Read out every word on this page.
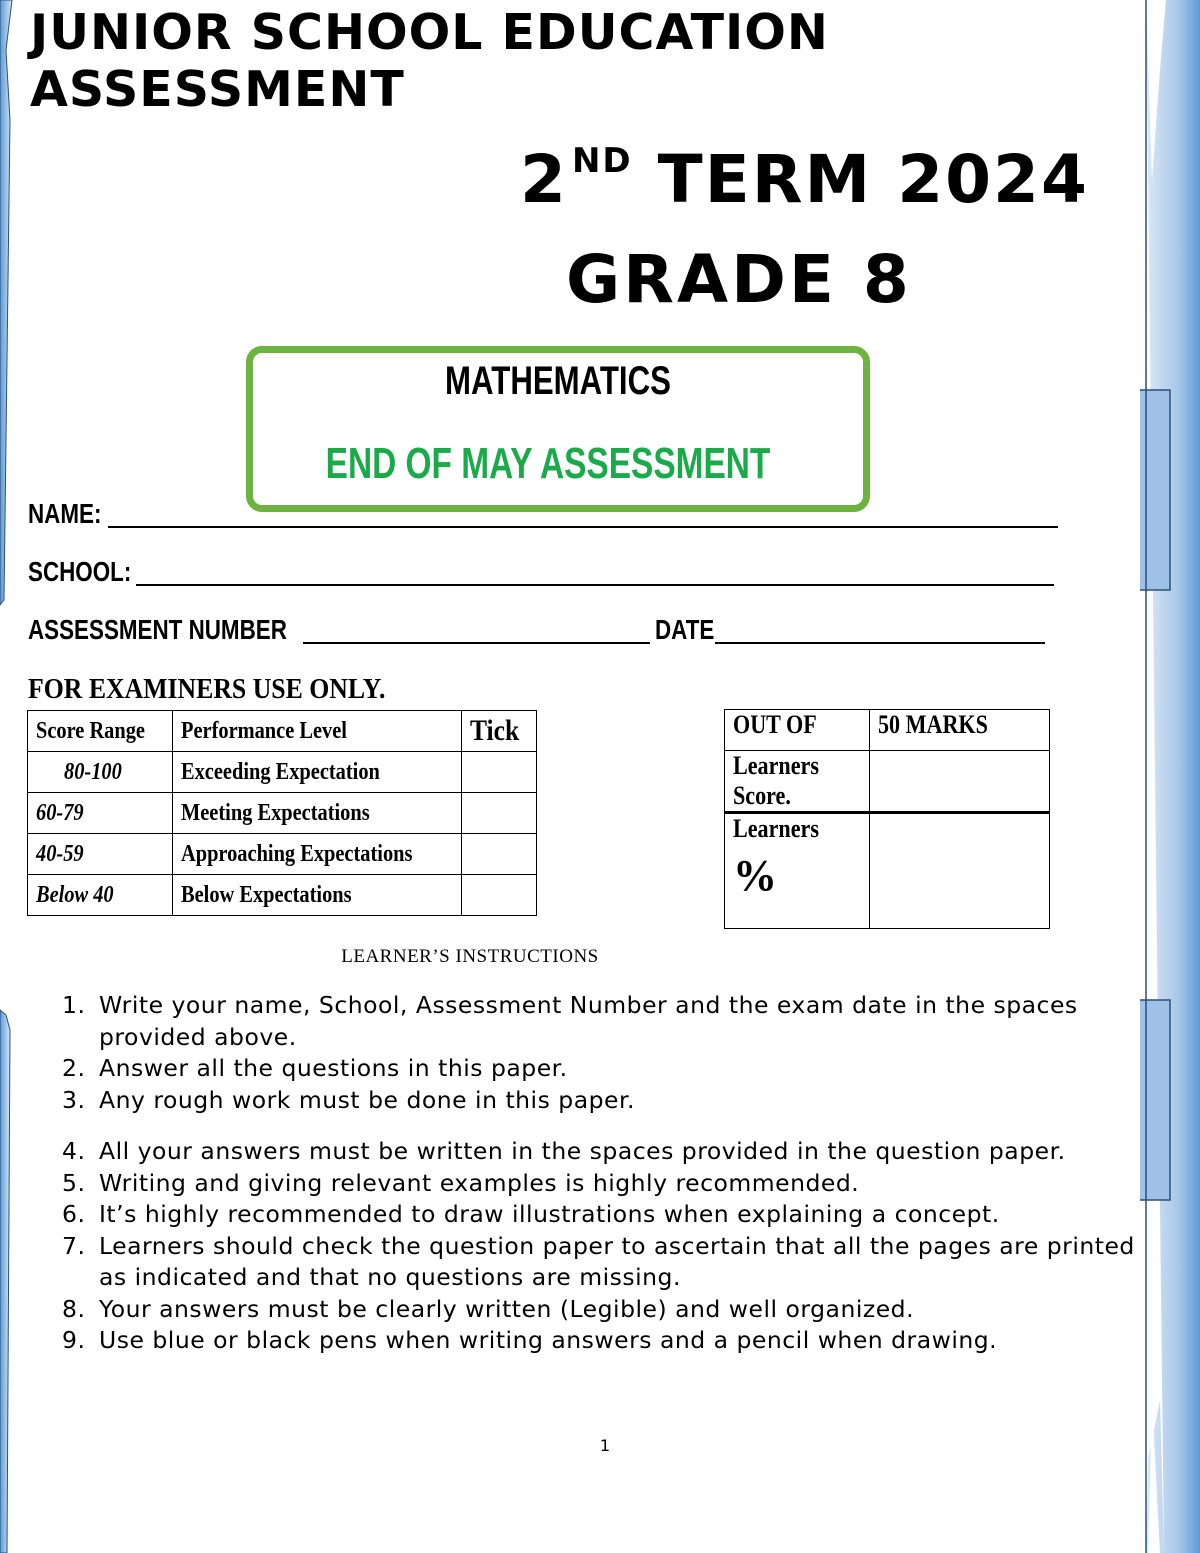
JUNIOR SCHOOL EDUCATION
ASSESSMENT
2 $^{ND}$ TERM 2024
GRADE 8
MATHEMATICS
END OF MAY ASSESSMENT
NAME:
SCHOOL:
ASSESSMENT NUMBER	DATE
FOR EXAMINERS USE ONLY.
Score Range	Performance Level	Tick
80-100	Exceeding Expectation	
60-79	Meeting Expectations	
40-59	Approaching Expectations	
Below 40	Below Expectations	
OUT OF	50 MARKS
Learners Score.	
Learners
%	

LEARNER’S INSTRUCTIONS
1. Write your name, School, Assessment Number and the exam date in the spaces provided above.
2. Answer all the questions in this paper.
3. Any rough work must be done in this paper.
4. All your answers must be written in the spaces provided in the question paper.
5. Writing and giving relevant examples is highly recommended.
6. It’s highly recommended to draw illustrations when explaining a concept.
7. Learners should check the question paper to ascertain that all the pages are printed as indicated and that no questions are missing.
8. Your answers must be clearly written (Legible) and well organized.
9. Use blue or black pens when writing answers and a pencil when drawing.
1
